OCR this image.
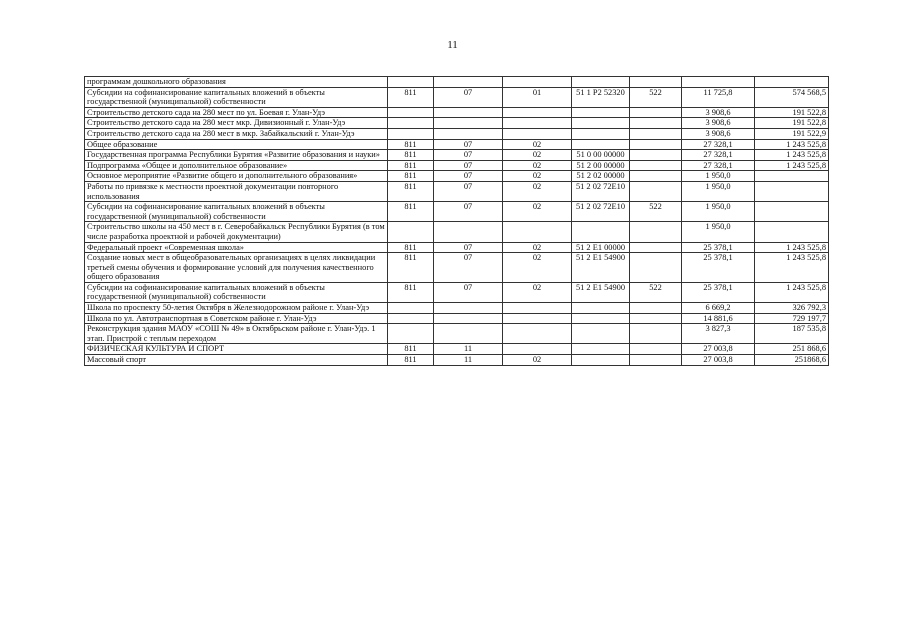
11
программам дошкольного образования							
Субсидии на софинансирование капитальных вложений в объекты государственной (муниципальной) собственности	811	07	01	51 1 Р2 52320	522	11 725,8	574 568,5
Строительство детского сада на 280 мест по ул. Боевая г. Улан-Удэ						3 908,6	191 522,8
Строительство детского сада на 280 мест мкр. Дивизионный г. Улан-Удэ						3 908,6	191 522,8
Строительство детского сада на 280 мест в мкр. Забайкальский г. Улан-Удэ						3 908,6	191 522,9
Общее образование	811	07	02			27 328,1	1 243 525,8
Государственная программа Республики Бурятия «Развитие образования и науки»	811	07	02	51 0 00 00000		27 328,1	1 243 525,8
Подпрограмма «Общее и дополнительное образование»	811	07	02	51 2 00 00000		27 328,1	1 243 525,8
Основное мероприятие «Развитие общего и дополнительного образования»	811	07	02	51 2 02 00000		1 950,0	
Работы по привязке к местности проектной документации повторного использования	811	07	02	51 2 02 72Е10		1 950,0	
Субсидии на софинансирование капитальных вложений в объекты государственной (муниципальной) собственности	811	07	02	51 2 02 72Е10	522	1 950,0	
Строительство школы на 450 мест в г. Северобайкальск Республики Бурятия (в том числе разработка проектной и рабочей документации)						1 950,0	
Федеральный проект «Современная школа»	811	07	02	51 2 Е1 00000		25 378,1	1 243 525,8
Создание новых мест в общеобразовательных организациях в целях ликвидации третьей смены обучения и формирование условий для получения качественного общего образования	811	07	02	51 2 Е1 54900		25 378,1	1 243 525,8
Субсидии на софинансирование капитальных вложений в объекты государственной (муниципальной) собственности	811	07	02	51 2 Е1 54900	522	25 378,1	1 243 525,8
Школа по проспекту 50-летия Октября в Железнодорожном районе г. Улан-Удэ						6 669,2	326 792,3
Школа по ул. Автотранспортная в Советском районе г. Улан-Удэ						14 881,6	729 197,7
Реконструкция здания МАОУ «СОШ № 49» в Октябрьском районе г. Улан-Удэ. 1 этап. Пристрой с теплым переходом						3 827,3	187 535,8
ФИЗИЧЕСКАЯ КУЛЬТУРА И СПОРТ	811	11				27 003,8	251 868,6
Массовый спорт	811	11	02			27 003,8	251868,6
